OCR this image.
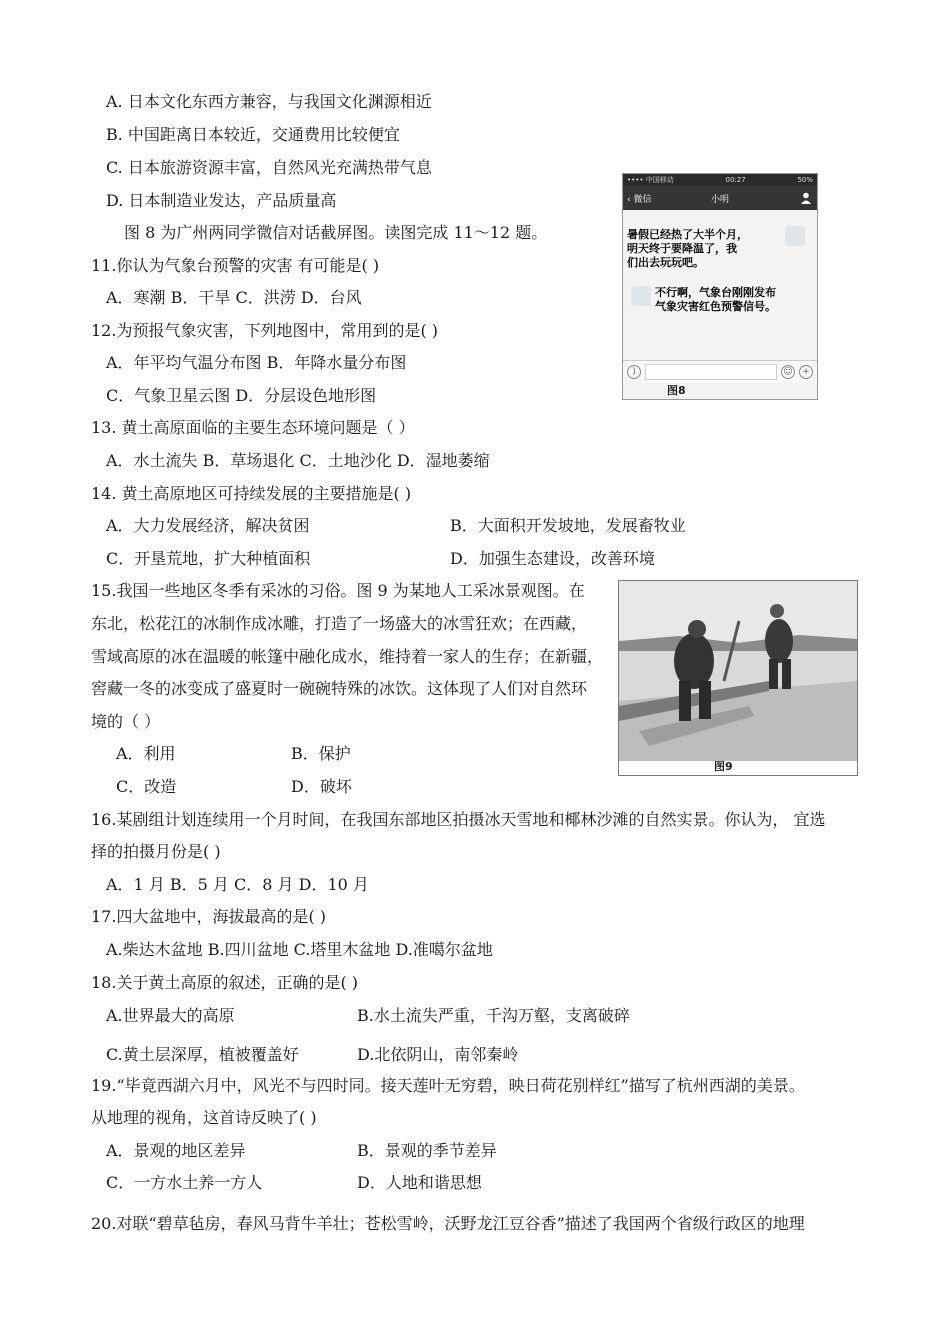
A. 日本文化东西方兼容，与我国文化渊源相近
B. 中国距离日本较近，交通费用比较便宜
C. 日本旅游资源丰富，自然风光充满热带气息
D. 日本制造业发达，产品质量高
图 8 为广州两同学微信对话截屏图。读图完成 11～12 题。
11.你认为气象台预警的灾害 有可能是( )
A．寒潮 B．干旱 C．洪涝 D．台风
12.为预报气象灾害，下列地图中，常用到的是( )
A．年平均气温分布图 B．年降水量分布图
C．气象卫星云图 D．分层设色地形图
13. 黄土高原面临的主要生态环境问题是（ ）
A．水土流失 B．草场退化 C．土地沙化 D．湿地萎缩
14. 黄土高原地区可持续发展的主要措施是( )
A．大力发展经济，解决贫困	B．大面积开发坡地，发展畜牧业
C．开垦荒地，扩大种植面积	D．加强生态建设，改善环境
15.我国一些地区冬季有采冰的习俗。图 9 为某地人工采冰景观图。在
东北，松花江的冰制作成冰雕，打造了一场盛大的冰雪狂欢；在西藏，
雪域高原的冰在温暖的帐篷中融化成水，维持着一家人的生存；在新疆，
窖藏一冬的冰变成了盛夏时一碗碗特殊的冰饮。这体现了人们对自然环
境的（ ）
A．利用	B．保护
C．改造	D．破坏
16.某剧组计划连续用一个月时间，在我国东部地区拍摄冰天雪地和椰林沙滩的自然实景。你认为， 宜选
择的拍摄月份是( )
A．1 月 B．5 月 C．8 月 D．10 月
17.四大盆地中，海拔最高的是( )
A.柴达木盆地 B.四川盆地 C.塔里木盆地 D.准噶尔盆地
18.关于黄土高原的叙述，正确的是( )
A.世界最大的高原	B.水土流失严重，千沟万壑，支离破碎
C.黄土层深厚，植被覆盖好	D.北依阴山，南邻秦岭
19.“毕竟西湖六月中，风光不与四时同。接天莲叶无穷碧，映日荷花别样红”描写了杭州西湖的美景。
从地理的视角，这首诗反映了( )
A．景观的地区差异	B．景观的季节差异
C．一方水土养一方人	D．人地和谐思想
20.对联“碧草毡房，春风马背牛羊壮；苍松雪岭，沃野龙江豆谷香”描述了我国两个省级行政区的地理
•••• 中国移动	00:27	50%
‹ 微信	小明
暑假已经热了大半个月，
明天终于要降温了，我
们出去玩玩吧。
不行啊，气象台刚刚发布
气象灾害红色预警信号。
)	☺	+
图8
图9
